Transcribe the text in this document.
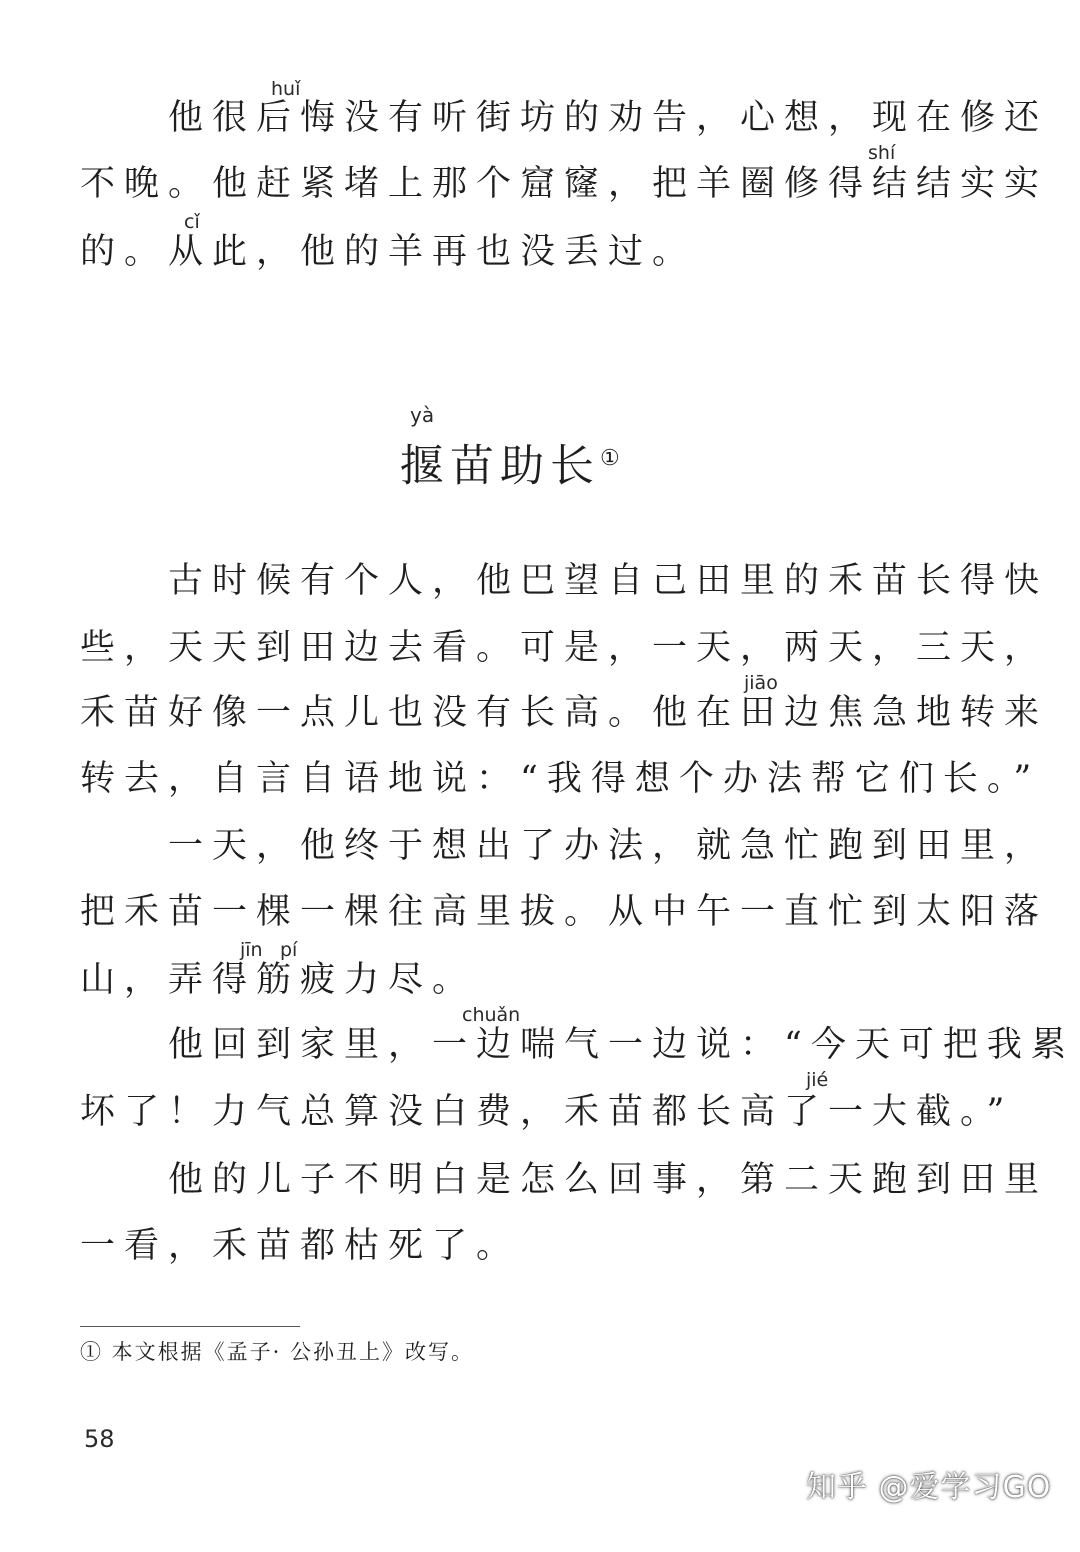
huǐ
　　他很后悔没有听街坊的劝告，心想，现在修还
shí
不晚。他赶紧堵上那个窟窿，把羊圈修得结结实实
cǐ
的。从此，他的羊再也没丢过。
yà
揠苗助长①
　　古时候有个人，他巴望自己田里的禾苗长得快
些，天天到田边去看。可是，一天，两天，三天，
jiāo
禾苗好像一点儿也没有长高。他在田边焦急地转来
转去，自言自语地说：“我得想个办法帮它们长。”
　　一天，他终于想出了办法，就急忙跑到田里，
把禾苗一棵一棵往高里拔。从中午一直忙到太阳落
jīn pí
山，弄得筋疲力尽。
chuǎn
　　他回到家里，一边喘气一边说：“今天可把我累
jié
坏了！力气总算没白费，禾苗都长高了一大截。”
　　他的儿子不明白是怎么回事，第二天跑到田里
一看，禾苗都枯死了。
① 本文根据《孟子· 公孙丑上》改写。
58
知乎 @爱学习GO
